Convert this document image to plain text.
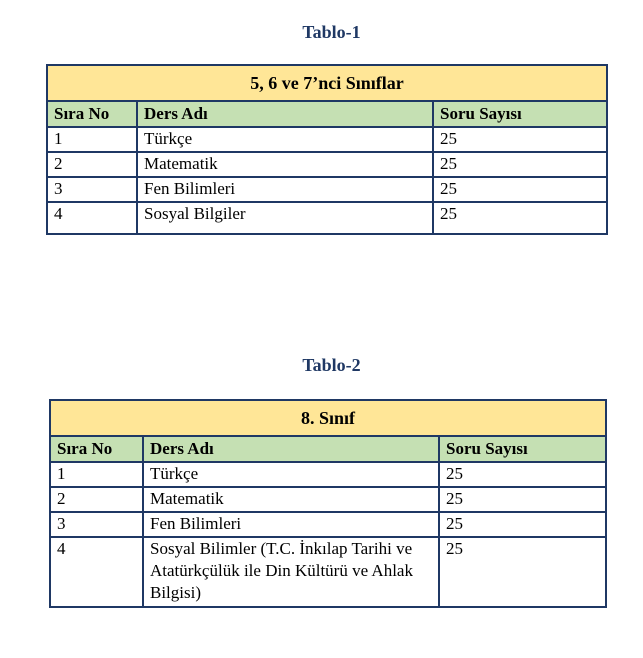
Tablo-1
5, 6 ve 7’nci Sınıflar		
Sıra No	Ders Adı	Soru Sayısı
1	Türkçe	25
2	Matematik	25
3	Fen Bilimleri	25
4	Sosyal Bilgiler	25
Tablo-2
8. Sınıf		
Sıra No	Ders Adı	Soru Sayısı
1	Türkçe	25
2	Matematik	25
3	Fen Bilimleri	25
4	Sosyal Bilimler (T.C. İnkılap Tarihi ve Atatürkçülük ile Din Kültürü ve Ahlak Bilgisi)	25
